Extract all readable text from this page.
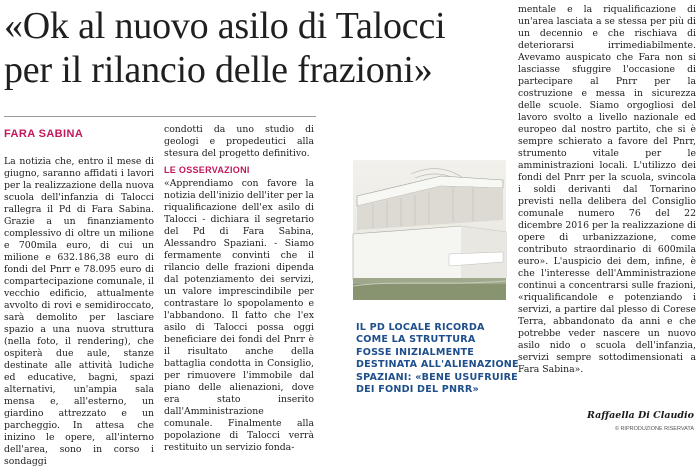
«Ok al nuovo asilo di Talocci
per il rilancio delle frazioni»
FARA SABINA

La notizia che, entro il mese di giugno, saranno affidati i lavori per la realizzazione della nuova scuola dell'infanzia di Talocci rallegra il Pd di Fara Sabina. Grazie a un finanziamento complessivo di oltre un milione e 700mila euro, di cui un milione e 632.186,38 euro di fondi del Pnrr e 78.095 euro di compartecipazione comunale, il vecchio edificio, attualmente avvolto di rovi e semidiroccato, sarà demolito per lasciare spazio a una nuova struttura (nella foto, il rendering), che ospiterà due aule, stanze destinate alle attività ludiche ed educative, bagni, spazi alternativi, un'ampia sala mensa e, all'esterno, un giardino attrezzato e un parcheggio. In attesa che inizino le opere, all'interno dell'area, sono in corso i sondaggi

condotti da uno studio di geologi e propedeutici alla stesura del progetto definitivo.

LE OSSERVAZIONI

«Apprendiamo con favore la notizia dell'inizio dell'iter per la riqualificazione dell'ex asilo di Talocci - dichiara il segretario del Pd di Fara Sabina, Alessandro Spaziani. - Siamo fermamente convinti che il rilancio delle frazioni dipenda dal potenziamento dei servizi, un valore imprescindibile per contrastare lo spopolamento e l'abbandono. Il fatto che l'ex asilo di Talocci possa oggi beneficiare dei fondi del Pnrr è il risultato anche della battaglia condotta in Consiglio, per rimuovere l'immobile dal piano delle alienazioni, dove era stato inserito dall'Amministrazione comunale. Finalmente alla popolazione di Talocci verrà restituito un servizio fonda-

IL PD LOCALE RICORDA
COME LA STRUTTURA
FOSSE INIZIALMENTE
DESTINATA ALL'ALIENAZIONE
SPAZIANI: «BENE USUFRUIRE
DEI FONDI DEL PNRR»

mentale e la riqualificazione di un'area lasciata a se stessa per più di un decennio e che rischiava di deteriorarsi irrimediabilmente. Avevamo auspicato che Fara non si lasciasse sfuggire l'occasione di partecipare al Pnrr per la costruzione e messa in sicurezza delle scuole. Siamo orgogliosi del lavoro svolto a livello nazionale ed europeo dal nostro partito, che si è sempre schierato a favore del Pnrr, strumento vitale per le amministrazioni locali. L'utilizzo dei fondi del Pnrr per la scuola, svincola i soldi derivanti dal Tornarino previsti nella delibera del Consiglio comunale numero 76 del 22 dicembre 2016 per la realizzazione di opere di urbanizzazione, come contributo straordinario di 600mila euro». L'auspicio dei dem, infine, è che l'interesse dell'Amministrazione continui a concentrarsi sulle frazioni, «riqualificandole e potenziando i servizi, a partire dal plesso di Corese Terra, abbandonato da anni e che potrebbe veder nascere un nuovo asilo nido o scuola dell'infanzia, servizi sempre sottodimensionati a Fara Sabina».

Raffaella Di Claudio
© RIPRODUZIONE RISERVATA
